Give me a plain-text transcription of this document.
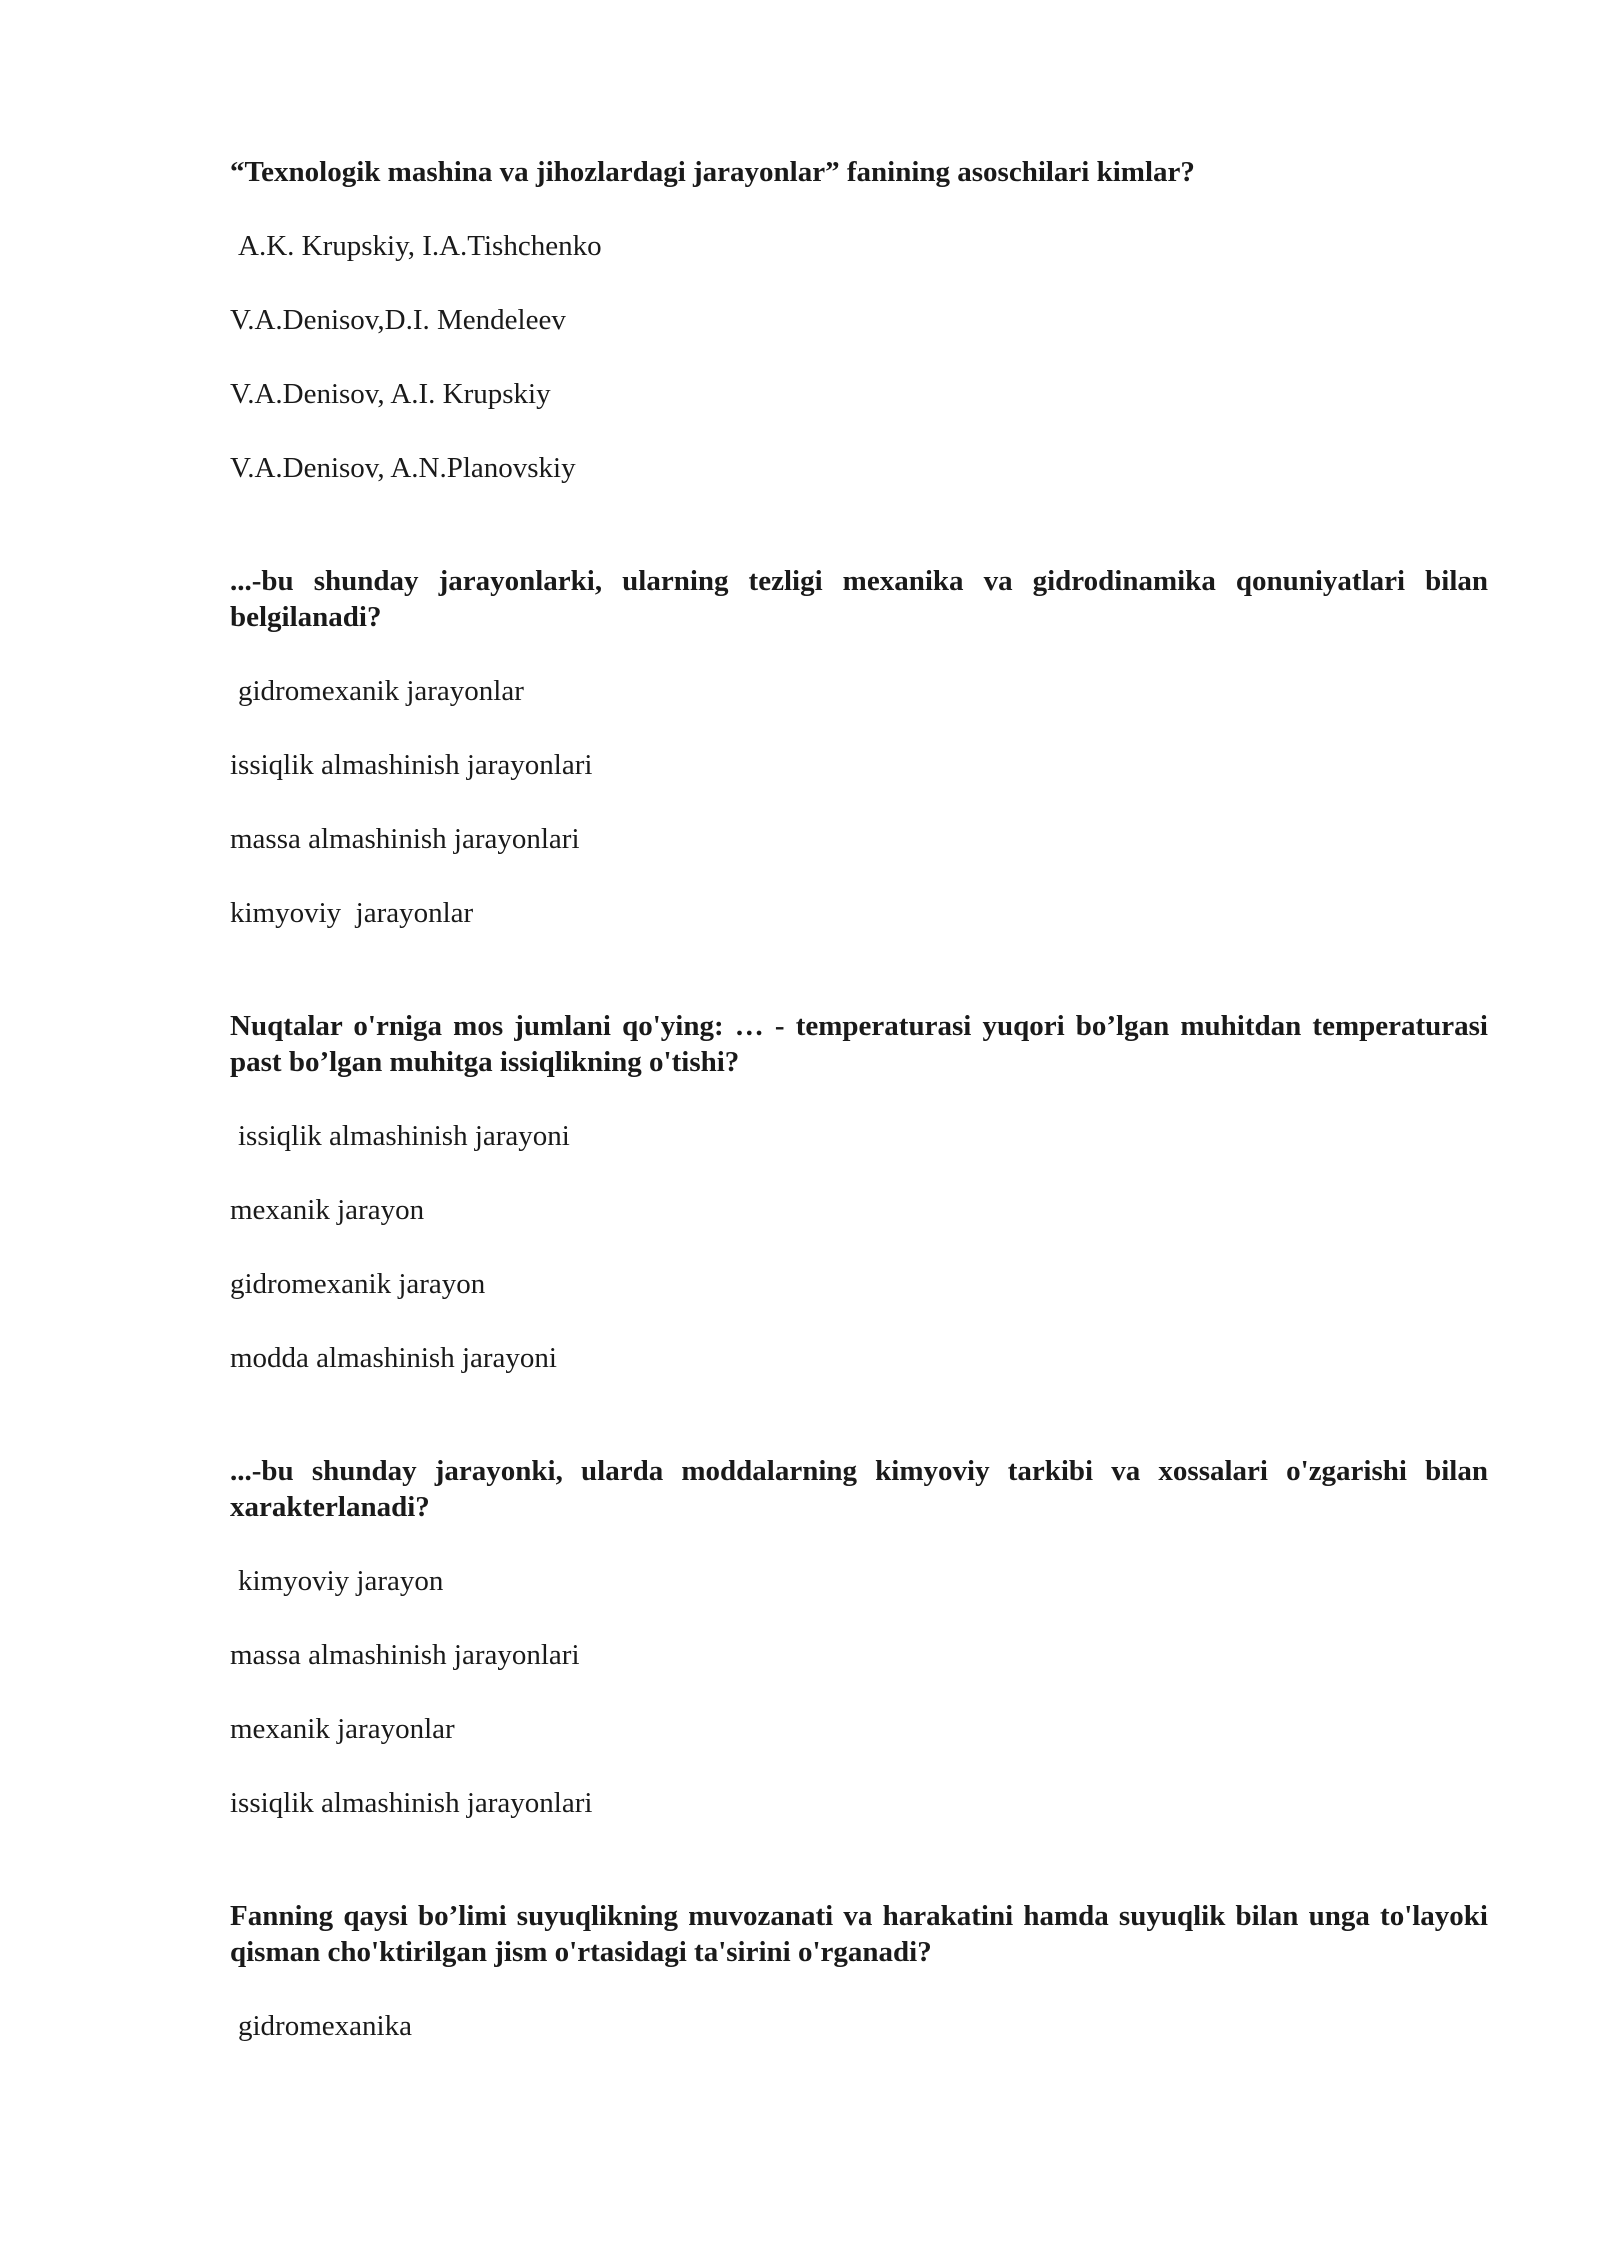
“Texnologik mashina va jihozlardagi jarayonlar” fanining asoschilari kimlar?

A.K. Krupskiy, I.A.Tishchenko

V.A.Denisov,D.I. Mendeleev

V.A.Denisov, A.I. Krupskiy

V.A.Denisov, A.N.Planovskiy

...-bu shunday jarayonlarki, ularning tezligi mexanika va gidrodinamika qonuniyatlari bilan belgilanadi?

gidromexanik jarayonlar

issiqlik almashinish jarayonlari

massa almashinish jarayonlari

kimyoviy  jarayonlar

Nuqtalar o'rniga mos jumlani qo'ying: … - temperaturasi yuqori bo’lgan muhitdan temperaturasi past bo’lgan muhitga issiqlikning o'tishi?

issiqlik almashinish jarayoni

mexanik jarayon

gidromexanik jarayon

modda almashinish jarayoni

...-bu shunday jarayonki, ularda moddalarning kimyoviy tarkibi va xossalari o'zgarishi bilan xarakterlanadi?

kimyoviy jarayon

massa almashinish jarayonlari

mexanik jarayonlar

issiqlik almashinish jarayonlari

Fanning qaysi bo’limi suyuqlikning muvozanati va harakatini hamda suyuqlik bilan unga to'layoki qisman cho'ktirilgan jism o'rtasidagi ta'sirini o'rganadi?

gidromexanika
